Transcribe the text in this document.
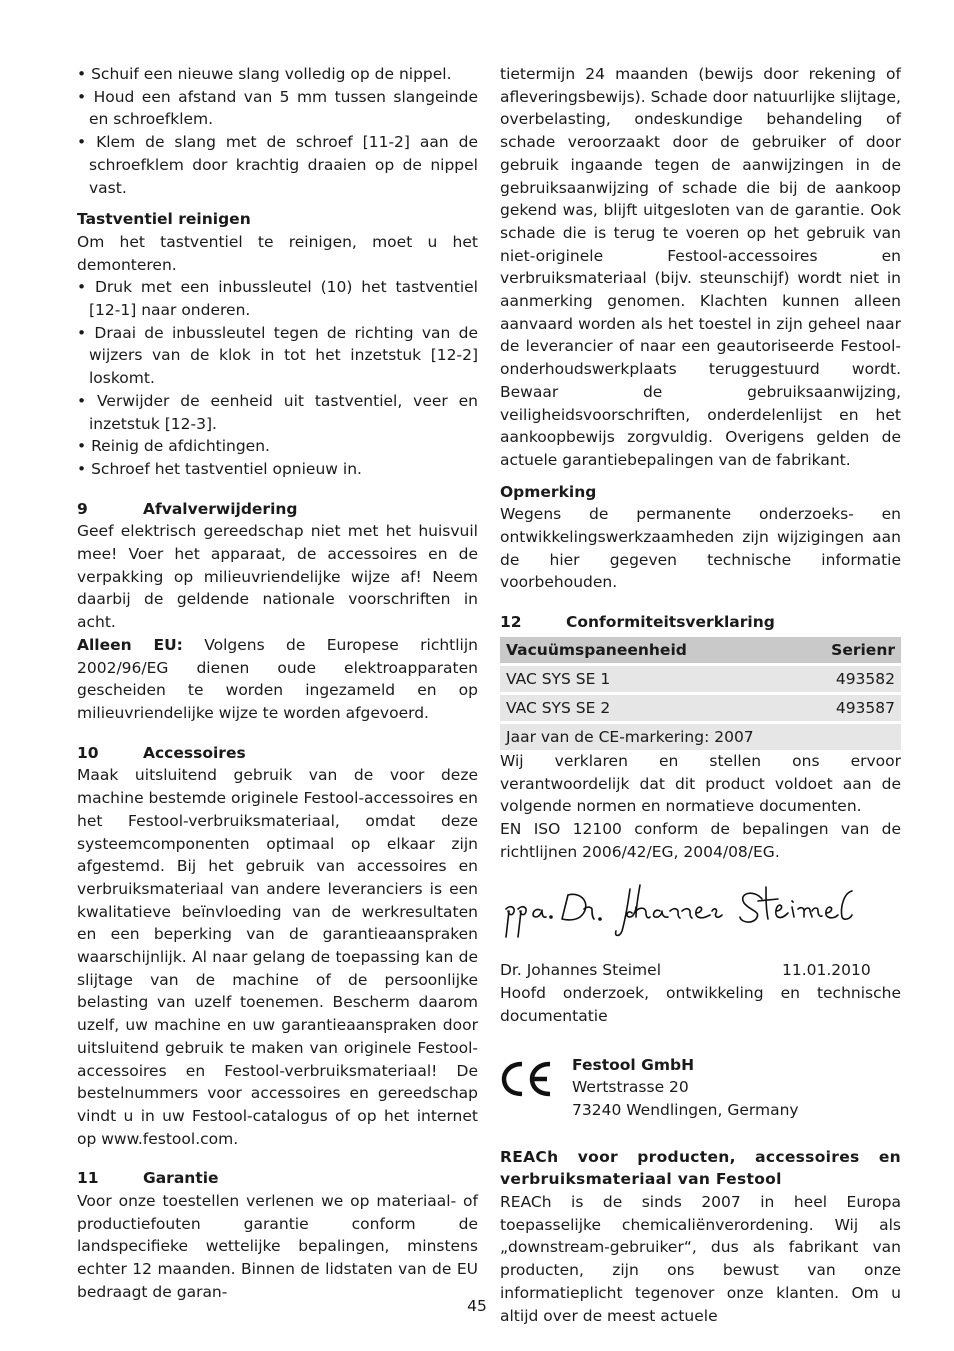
• Schuif een nieuwe slang volledig op de nippel.
• Houd een afstand van 5 mm tussen slangeinde en schroefklem.
• Klem de slang met de schroef [11-2] aan de schroefklem door krachtig draaien op de nippel vast.

Tastventiel reinigen

Om het tastventiel te reinigen, moet u het demonteren.

• Druk met een inbussleutel (10) het tastventiel [12-1] naar onderen.
• Draai de inbussleutel tegen de richting van de wijzers van de klok in tot het inzetstuk [12-2] loskomt.
• Verwijder de eenheid uit tastventiel, veer en inzetstuk [12-3].
• Reinig de afdichtingen.
• Schroef het tastventiel opnieuw in.
9	Afvalverwijdering

Geef elektrisch gereedschap niet met het huisvuil mee! Voer het apparaat, de accessoires en de verpakking op milieuvriendelijke wijze af! Neem daarbij de geldende nationale voorschriften in acht.

Alleen EU: Volgens de Europese richtlijn 2002/96/EG dienen oude elektroapparaten gescheiden te worden ingezameld en op milieuvriendelijke wijze te worden afgevoerd.

10	Accessoires

Maak uitsluitend gebruik van de voor deze machine bestemde originele Festool-accessoires en het Festool-verbruiksmateriaal, omdat deze systeemcomponenten optimaal op elkaar zijn afgestemd. Bij het gebruik van accessoires en verbruiksmateriaal van andere leveranciers is een kwalitatieve beïnvloeding van de werkresultaten en een beperking van de garantieaanspraken waarschijnlijk. Al naar gelang de toepassing kan de slijtage van de machine of de persoonlijke belasting van uzelf toenemen. Bescherm daarom uzelf, uw machine en uw garantieaanspraken door uitsluitend gebruik te maken van originele Festool-accessoires en Festool-verbruiksmateriaal! De bestelnummers voor accessoires en gereedschap vindt u in uw Festool-catalogus of op het internet op www.festool.com.

11	Garantie

Voor onze toestellen verlenen we op materiaal- of productiefouten garantie conform de landspecifieke wettelijke bepalingen, minstens echter 12 maanden. Binnen de lidstaten van de EU bedraagt de garan-

tietermijn 24 maanden (bewijs door rekening of afleveringsbewijs). Schade door natuurlijke slijtage, overbelasting, ondeskundige behandeling of schade veroorzaakt door de gebruiker of door gebruik ingaande tegen de aanwijzingen in de gebruiksaanwijzing of schade die bij de aankoop gekend was, blijft uitgesloten van de garantie. Ook schade die is terug te voeren op het gebruik van niet-originele Festool-accessoires en verbruiksmateriaal (bijv. steunschijf) wordt niet in aanmerking genomen. Klachten kunnen alleen aanvaard worden als het toestel in zijn geheel naar de leverancier of naar een geautoriseerde Festool-onderhoudswerkplaats teruggestuurd wordt. Bewaar de gebruiksaanwijzing, veiligheidsvoorschriften, onderdelenlijst en het aankoopbewijs zorgvuldig. Overigens gelden de actuele garantiebepalingen van de fabrikant.

Opmerking

Wegens de permanente onderzoeks- en ontwikkelingswerkzaamheden zijn wijzigingen aan de hier gegeven technische informatie voorbehouden.

12	Conformiteitsverklaring
Vacuümspaneenheid	Serienr
VAC SYS SE 1	493582
VAC SYS SE 2	493587
Jaar van de CE-markering: 2007	

Wij verklaren en stellen ons ervoor verantwoordelijk dat dit product voldoet aan de volgende normen en normatieve documenten.

EN ISO 12100 conform de bepalingen van de richtlijnen 2006/42/EG, 2004/08/EG.

Dr. Johannes Steimel	11.01.2010

Hoofd onderzoek, ontwikkeling en technische documentatie

Festool GmbH

Wertstrasse 20

73240 Wendlingen, Germany

REACh voor producten, accessoires en verbruiksmateriaal van Festool

REACh is de sinds 2007 in heel Europa toepasselijke chemicaliënverordening. Wij als „downstream-gebruiker“, dus als fabrikant van producten, zijn ons bewust van onze informatieplicht tegenover onze klanten. Om u altijd over de meest actuele

45
